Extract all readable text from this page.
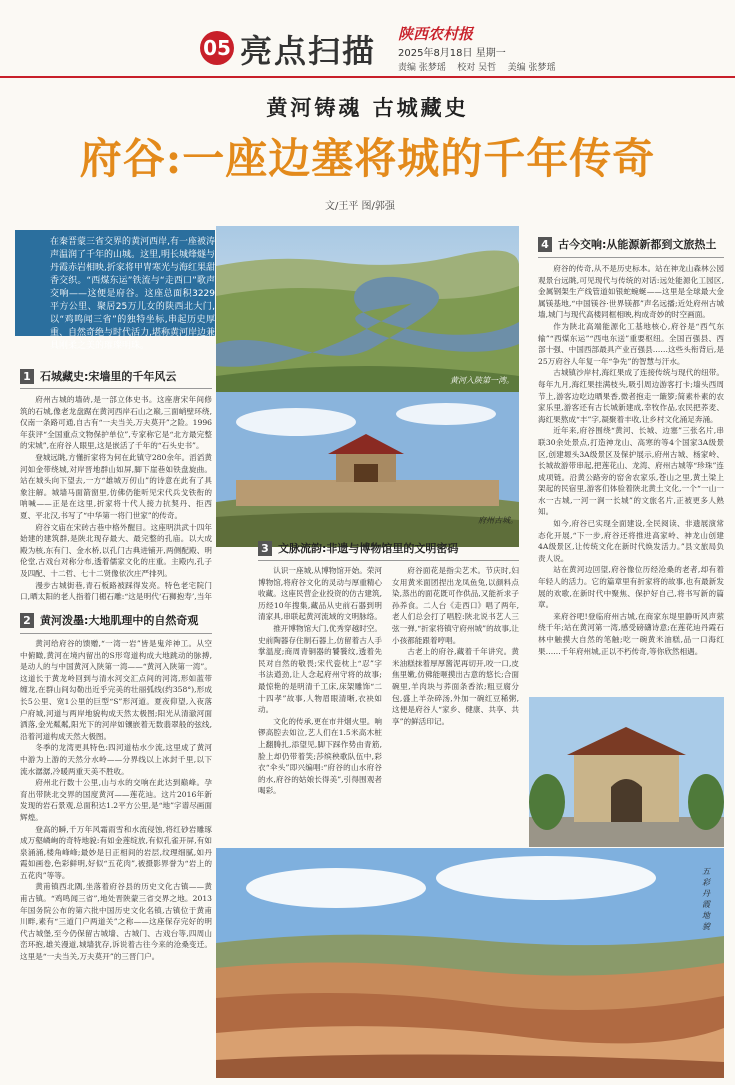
05 亮点扫描 陕西农村报
2025年8月18日 星期一
责编 张梦瑶    校对 吴哲    美编 张梦瑶
黄河铸魂 古城藏史
府谷:一座边塞将城的千年传奇
文/王平 图/郭强
在秦晋蒙三省交界的黄河西岸,有一座被涛声温润了千年的山城。这里,明长城烽燧与丹霞赤岩相映,折家将甲胄寒光与海红果甜香交织。“西煤东运”铁流与“走西口”歌声交响——这便是府谷。这座总面积3229平方公里、聚居25万儿女的陕西北大门,以“鸡鸣闻三省”的独特坐标,串起历史厚重、自然奇绝与时代活力,堪称黄河岸边兼具刚柔之美的璀璨明珠。
黄河入陕第一湾。
府州古城。
五彩丹霞地貌
1 石城藏史:宋墙里的千年风云

府州古城的墙砖,是一部立体史书。这座唐宋年间修筑的石城,像老龙盘踞在黄河西岸石山之巅,三面峭壁环绕,仅南一条路可通,自古有“一夫当关,万夫莫开”之险。1996年获评“全国重点文物保护单位”,专家称它是“北方最完整的宋城”,在府谷人眼里,这是嵌活了千年的“石头史书”。

登城远眺,方懂折家将为何在此镇守280余年。滔滔黄河如金带绕城,对岸晋地群山如屏,脚下崖巷如铁盘旋曲。站在城头向下望去,一方“雄城万仞山”的诗意在此有了具象注解。城墙马面箭窗里,仿佛仍能听见宋代兵戈铁衔的呐喊——正是在这里,折家将十代人接力抗契丹、拒西夏、平北汉,书写了“中华第一将门世家”的传奇。

府谷文庙在宋砖古巷中格外醒目。这座明洪武十四年始建的建筑群,是陕北现存最大、最完整的孔庙。以大成殿为核,东有门、金水桥,以孔门古典进铺开,两侧配殿、明伦堂,古戏台对称分布,透着儒家文化的庄重。主殿内,孔子及四配、十二哲、七十二贤像依次庄严排列。

漫步古城街巷,青石板路被踩得发亮。特色老宅院门口,晒太阳的老人指着门楣石雕:“这是明代‘石狮抱寿’,当年

2 黄河泼墨:大地肌理中的自然奇观

黄河给府谷的馈赠,“一湾一岩”皆是鬼斧神工。从空中俯瞰,黄河在境内留出的S形弯道构成大地跳动的脉搏,是动人的与中国黄河入陕第一湾——“黄河入陕第一湾”。这道长于黄龙岭回到与清水河交汇点间的河湾,形如蓝带缠龙,在群山间勾勒出近乎完美的壮丽弧线(约358°),形成长5公里、宽1公里的巨型“S”形河道。夏夜仰望,入夜落户府城,河道与两岸地貌构成天然太极图;阳光从清澈河面洒落,金光粼粼,阳光下的河岸如镶嵌着无数翡翠般的弦线,沿着河道构成天然大极图。

冬季的龙湾更具特色:四河道枯水少流,这里成了黄河中游为上游的天然分水岭——分界线以上冰封千里,以下流水潺潺,冷暖两重天美不胜收。

府州北行数十公里,山与水的交响在此达到巅峰。孕育出带陕北交界的国度黄河——莲花辿。这片2016年新发现的岩石景观,总面积达1.2平方公里,是“地”字谱尽画面辉煌。

登高的瞬,千万年风霜雨雪和水流侵蚀,将红砂岩雕琢成万壑嶙峋的奇特地貌:有如金莲绽放,有似孔雀开屏,有如泉涌涌,楼角峰峰;最妙是日正相间的岩层,纹理细腻,如丹霞如画卷,色彩鲜明,好似“五花肉”,被摄影界誉为“岩上的五花肉”等等。

黄甫镇西北隅,坐落着府谷县的历史文化古镇——黄甫古镇。“鸡鸣闻三省”,地处晋陕蒙三省交界之地。2013年国务院公布的第六批中国历史文化名镇,古镇位于黄甫川畔,素有“三道门户两道关”之称——这座保存完好的明代古城堡,至今仍保留古城墙、古城门、古戏台等,四周山峦环抱,雄关漫道,城墙犹存,诉说着古往今来的沧桑变迁。这里是“一夫当关,万夫莫开”的三晋门户。

3 文脉流韵:非遗与博物馆里的文明密码

认识一座城,从博物馆开始。荣河博物馆,将府谷文化的灵动与厚重精心收藏。这座民营企业投资的仿古建筑,历经10年搜集,藏品从史前石器到明清家具,串联起黄河流域的文明脉络。

推开博物馆大门,优秀穿越时空。史前陶器存住制石器上,仿留着古人手掌温度;商周青铜器的饕餮纹,透着先民对自然的敬畏;宋代瓷枕上“忍”字书法遒劲,让人念起府州守将的故事;最惊艳的是明清千工床,床架雕饰“二十四孝”故事,人物眉眼清晰,衣袂如动。

文化的传承,更在市井烟火里。响锣高腔去如泣,艺人们在1.5米高木桩上翻腾扎,添望见,脚下踩作势由青筋,脸上却仍带着笑;莎缤秧歌队伍中,彩衣“伞头”即兴编唱:“府谷的山水府谷的水,府谷的姑娘长得美”,引得围观者喝彩。

府谷面花是指尖艺术。节庆时,妇女用黄米面团捏出龙凤鱼兔,以颜料点染,蒸出的面花既可作供品,又能祈求子孙养食。二人台《走西口》唱了两年,老人们总会打了唱腔:陕北说书艺人三弦一弹,“折家将镇守府州城”的故事,让小孩都能跟着哼唱。

古老上的府谷,藏着千年讲究。黄米油糕抹着厚厚酱泥再切开,咬一口,皮焦里嫩,仿佛能咂摸出古意的悠长;合面碗里,羊肉块与荞面条香浓;粗豆腐分包,盛上羊杂碎汤,外加一碗红豆稀粥,这便是府谷人“家乡、健康、共享、共享”的鲜活印记。

4 古今交响:从能源新都到文旅热土

府谷的传奇,从不是历史标本。站在神龙山森林公园观景台远眺,可见现代与传统的对话:远处能源化工园区,金属钢架生产线管道如银蛇蜿蜒——这里是全球最大金属镁基地,“中国镁谷·世界镁都”声名远播;近处府州古城墙,城门与现代高楼同框相映,构成奇妙的时空画面。

作为陕北高端能源化工基地核心,府谷是“西气东输”“西煤东运”“西电东送”重要枢纽。全国百强县、西部十强、中国西部最具产业百强县……这些头衔背后,是25万府谷人年复一年“争先”的智慧与汗水。

古城镇沙岸村,海红果成了连接传统与现代的纽带。每年九月,海红果挂满枝头,吸引周边游客打卡;墙头西周节上,游客边吃边晒果香,微者抱走一簸箩;简素朴素的农家乐里,游客还有古长城新建成,幸牧作品,农民把荞麦、海红果熬成“丰”字,凝聚着丰收,让乡村文化涌足奔涌。

近年来,府谷围绕“黄河、长城、边塞”三张名片,串联30余处景点,打造神龙山、高寒的等4个国家3A级景区,创建塬头3A级景区及保护展示,府州古城、杨家岭、长城故游带串起,把莲花山、龙湾、府州古城等“珍珠”连成项链。沿黄公路旁的窑舍农家乐,苍山之里,黄土梁上架起的民宿里,游客们体验着陕北黄土文化,一个“一山一水一古城,一河一涧一长城”的文旅名片,正被更多人熟知。

如今,府谷已实现全面建设,全民阅读、非遗展演常态化开展,“下一步,府谷还将推进高家岭、神龙山创建4A级景区,让传统文化在新时代焕发活力。”县文旅局负责人说。

站在黄河边回望,府谷像位历经沧桑的老者,却有着年轻人的活力。它的篇章里有折家将的故事,也有最新发展的欢歌,在新时代中聚焦、保护好自己,将书写新的篇章。

来府谷吧!登临府州古城,在商家东堤里静听风声萦绕千年;站在黄河第一湾,感受磅礴诗意;在莲花辿丹霞石林中触摸大自然的笔触;吃一碗黄米油糕,品一口海红果……千年府州城,正以不朽传奇,等你欣然相遇。
